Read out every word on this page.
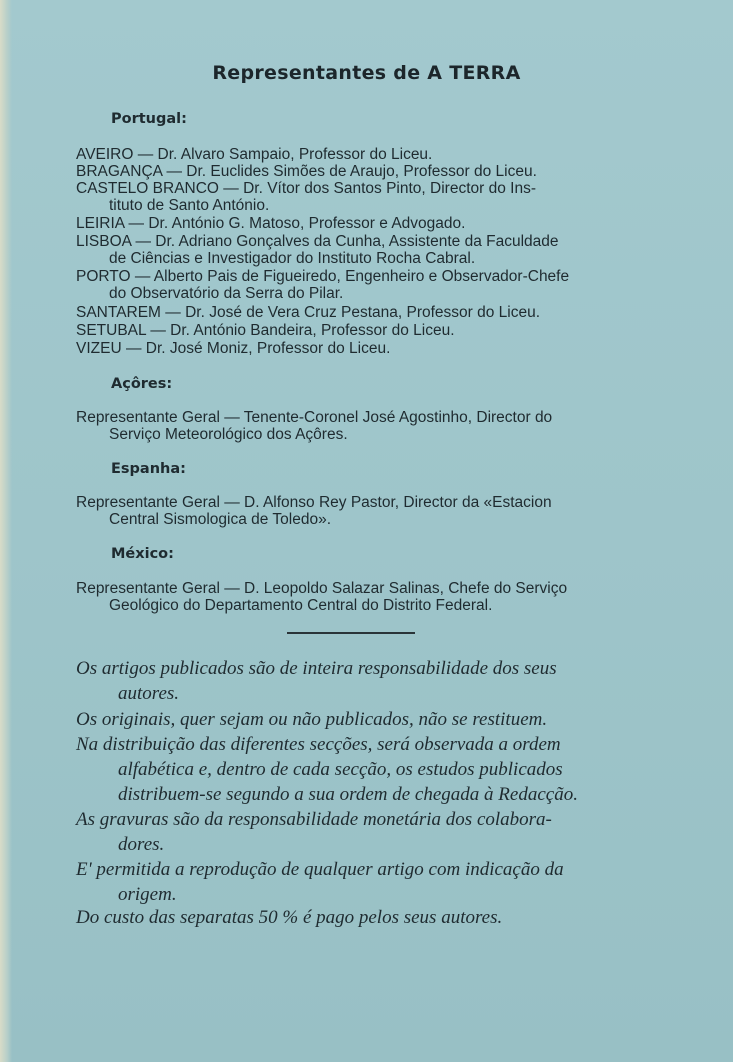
Representantes de A TERRA
Portugal:
AVEIRO — Dr. Alvaro Sampaio, Professor do Liceu.
BRAGANÇA — Dr. Euclides Simões de Araujo, Professor do Liceu.
CASTELO BRANCO — Dr. Vítor dos Santos Pinto, Director do Ins-
tituto de Santo António.
LEIRIA — Dr. António G. Matoso, Professor e Advogado.
LISBOA — Dr. Adriano Gonçalves da Cunha, Assistente da Faculdade
de Ciências e Investigador do Instituto Rocha Cabral.
PORTO — Alberto Pais de Figueiredo, Engenheiro e Observador-Chefe
do Observatório da Serra do Pilar.
SANTAREM — Dr. José de Vera Cruz Pestana, Professor do Liceu.
SETUBAL — Dr. António Bandeira, Professor do Liceu.
VIZEU — Dr. José Moniz, Professor do Liceu.
Açôres:
Representante Geral — Tenente-Coronel José Agostinho, Director do
Serviço Meteorológico dos Açôres.
Espanha:
Representante Geral — D. Alfonso Rey Pastor, Director da «Estacion
Central Sismologica de Toledo».
México:
Representante Geral — D. Leopoldo Salazar Salinas, Chefe do Serviço
Geológico do Departamento Central do Distrito Federal.
Os artigos publicados são de inteira responsabilidade dos seus
autores.
Os originais, quer sejam ou não publicados, não se restituem.
Na distribuição das diferentes secções, será observada a ordem
alfabética e, dentro de cada secção, os estudos publicados
distribuem-se segundo a sua ordem de chegada à Redacção.
As gravuras são da responsabilidade monetária dos colabora-
dores.
E' permitida a reprodução de qualquer artigo com indicação da
origem.
Do custo das separatas 50 % é pago pelos seus autores.
